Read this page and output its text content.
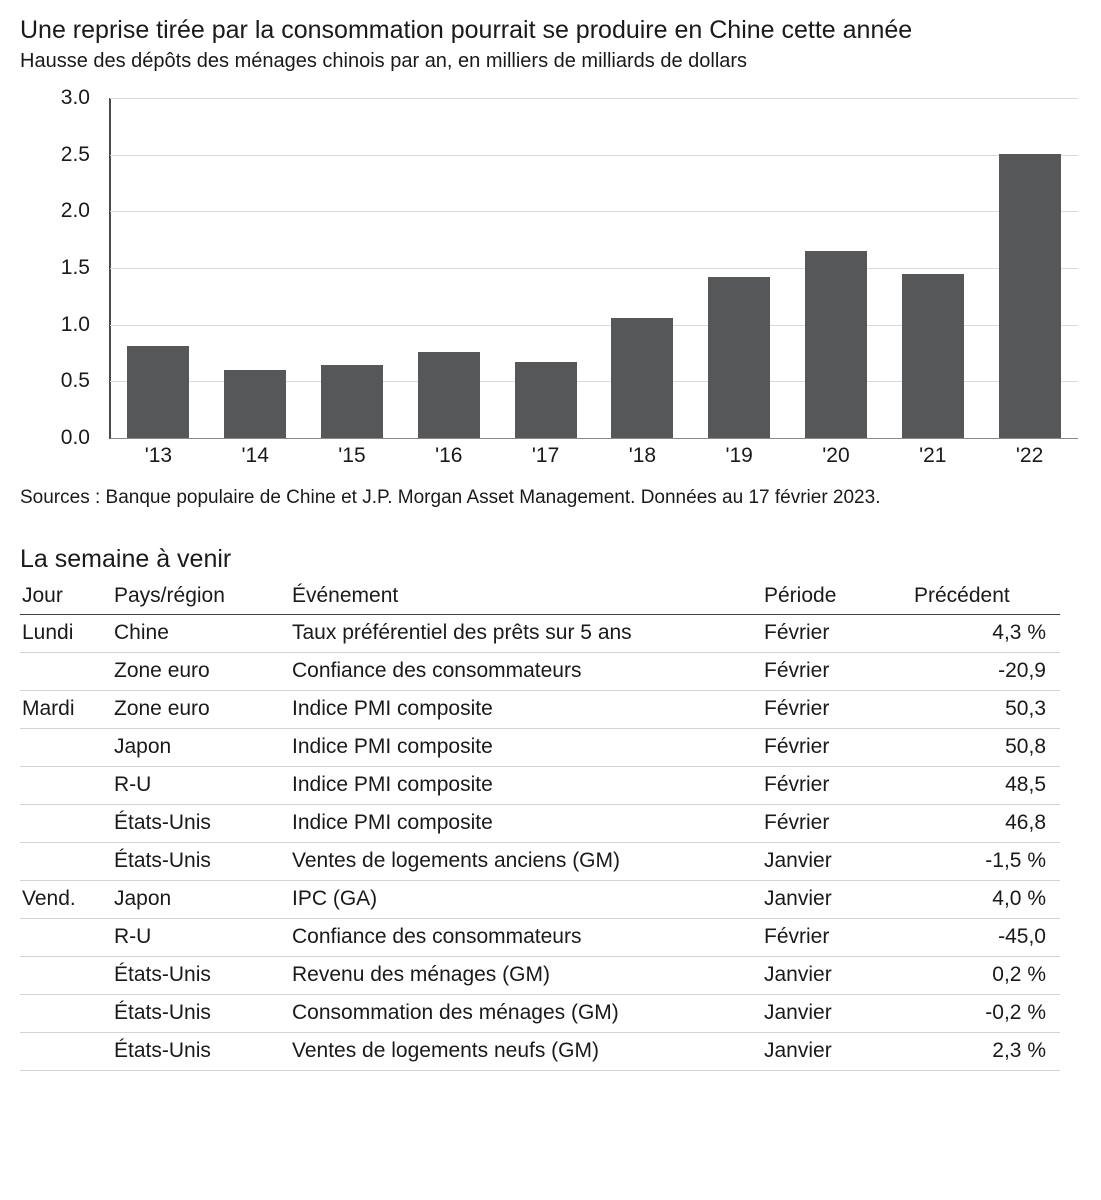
Une reprise tirée par la consommation pourrait se produire en Chine cette année
Hausse des dépôts des ménages chinois par an, en milliers de milliards de dollars
3.0
2.5
2.0
1.5
1.0
0.5
0.0
'13	'14	'15	'16	'17	'18	'19	'20	'21	'22

Sources : Banque populaire de Chine et J.P. Morgan Asset Management. Données au 17 février 2023.

La semaine à venir
Jour	Pays/région	Événement	Période	Précédent
Lundi	Chine	Taux préférentiel des prêts sur 5 ans	Février	4,3 %
	Zone euro	Confiance des consommateurs	Février	-20,9
Mardi	Zone euro	Indice PMI composite	Février	50,3
	Japon	Indice PMI composite	Février	50,8
	R-U	Indice PMI composite	Février	48,5
	États-Unis	Indice PMI composite	Février	46,8
	États-Unis	Ventes de logements anciens (GM)	Janvier	-1,5 %
Vend.	Japon	IPC (GA)	Janvier	4,0 %
	R-U	Confiance des consommateurs	Février	-45,0
	États-Unis	Revenu des ménages (GM)	Janvier	0,2 %
	États-Unis	Consommation des ménages (GM)	Janvier	-0,2 %
	États-Unis	Ventes de logements neufs (GM)	Janvier	2,3 %
